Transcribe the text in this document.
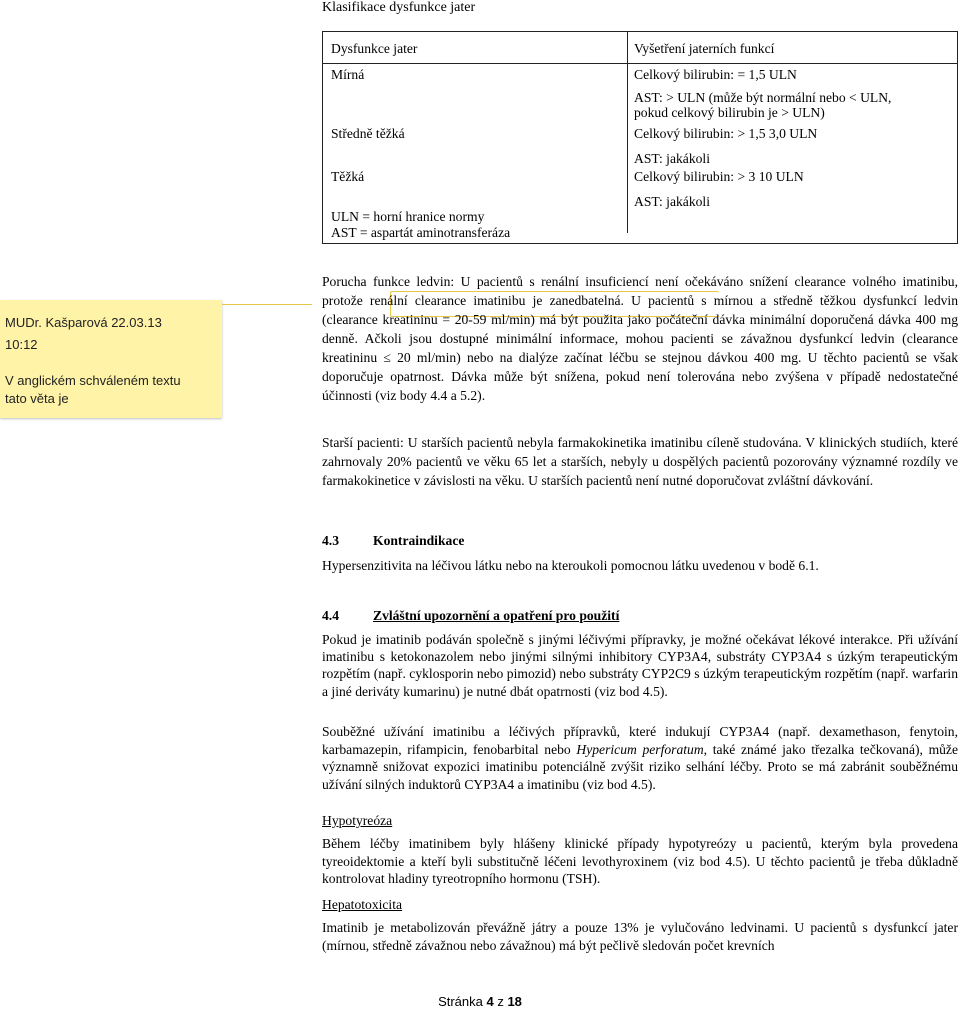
Klasifikace dysfunkce jater
Dysfunkce jater	Vyšetření jaterních funkcí
Mírná	Celkový bilirubin: = 1,5 ULN
AST: > ULN (může být normální nebo < ULN,
pokud celkový bilirubin je > ULN)
Středně těžká	Celkový bilirubin: > 1,5 3,0 ULN
AST: jakákoli
Těžká	Celkový bilirubin: > 3 10 ULN
AST: jakákoli
ULN = horní hranice normy
AST = aspartát aminotransferáza
MUDr. Kašparová 22.03.13
10:12
V anglickém schváleném textu
tato věta je
Porucha funkce ledvin: U pacientů s renální insuficiencí není očekáváno snížení clearance volného imatinibu, protože renální clearance imatinibu je zanedbatelná. U pacientů s mírnou a středně těžkou dysfunkcí ledvin (clearance kreatininu = 20-59 ml/min) má být použita jako počáteční dávka minimální doporučená dávka 400 mg denně. Ačkoli jsou dostupné minimální informace, mohou pacienti se závažnou dysfunkcí ledvin (clearance kreatininu ≤ 20 ml/min) nebo na dialýze začínat léčbu se stejnou dávkou 400 mg. U těchto pacientů se však doporučuje opatrnost. Dávka může být snížena, pokud není tolerována nebo zvýšena v případě nedostatečné účinnosti (viz body 4.4 a 5.2).
Starší pacienti: U starších pacientů nebyla farmakokinetika imatinibu cíleně studována. V klinických studiích, které zahrnovaly 20% pacientů ve věku 65 let a starších, nebyly u dospělých pacientů pozorovány významné rozdíly ve farmakokinetice v závislosti na věku. U starších pacientů není nutné doporučovat zvláštní dávkování.
4.3	Kontraindikace
Hypersenzitivita na léčivou látku nebo na kteroukoli pomocnou látku uvedenou v bodě 6.1.
4.4	Zvláštní upozornění a opatření pro použití
Pokud je imatinib podáván společně s jinými léčivými přípravky, je možné očekávat lékové interakce. Při užívání imatinibu s ketokonazolem nebo jinými silnými inhibitory CYP3A4, substráty CYP3A4 s úzkým terapeutickým rozpětím (např. cyklosporin nebo pimozid) nebo substráty CYP2C9 s úzkým terapeutickým rozpětím (např. warfarin a jiné deriváty kumarinu) je nutné dbát opatrnosti (viz bod 4.5).
Souběžné užívání imatinibu a léčivých přípravků, které indukují CYP3A4 (např. dexamethason, fenytoin, karbamazepin, rifampicin, fenobarbital nebo Hypericum perforatum, také známé jako třezalka tečkovaná), může významně snižovat expozici imatinibu potenciálně zvýšit riziko selhání léčby. Proto se má zabránit souběžnému užívání silných induktorů CYP3A4 a imatinibu (viz bod 4.5).
Hypotyreóza
Během léčby imatinibem byly hlášeny klinické případy hypotyreózy u pacientů, kterým byla provedena tyreoidektomie a kteří byli substitučně léčeni levothyroxinem (viz bod 4.5). U těchto pacientů je třeba důkladně kontrolovat hladiny tyreotropního hormonu (TSH).
Hepatotoxicita
Imatinib je metabolizován převážně játry a pouze 13% je vylučováno ledvinami. U pacientů s dysfunkcí jater (mírnou, středně závažnou nebo závažnou) má být pečlivě sledován počet krevních
Stránka 4 z 18
